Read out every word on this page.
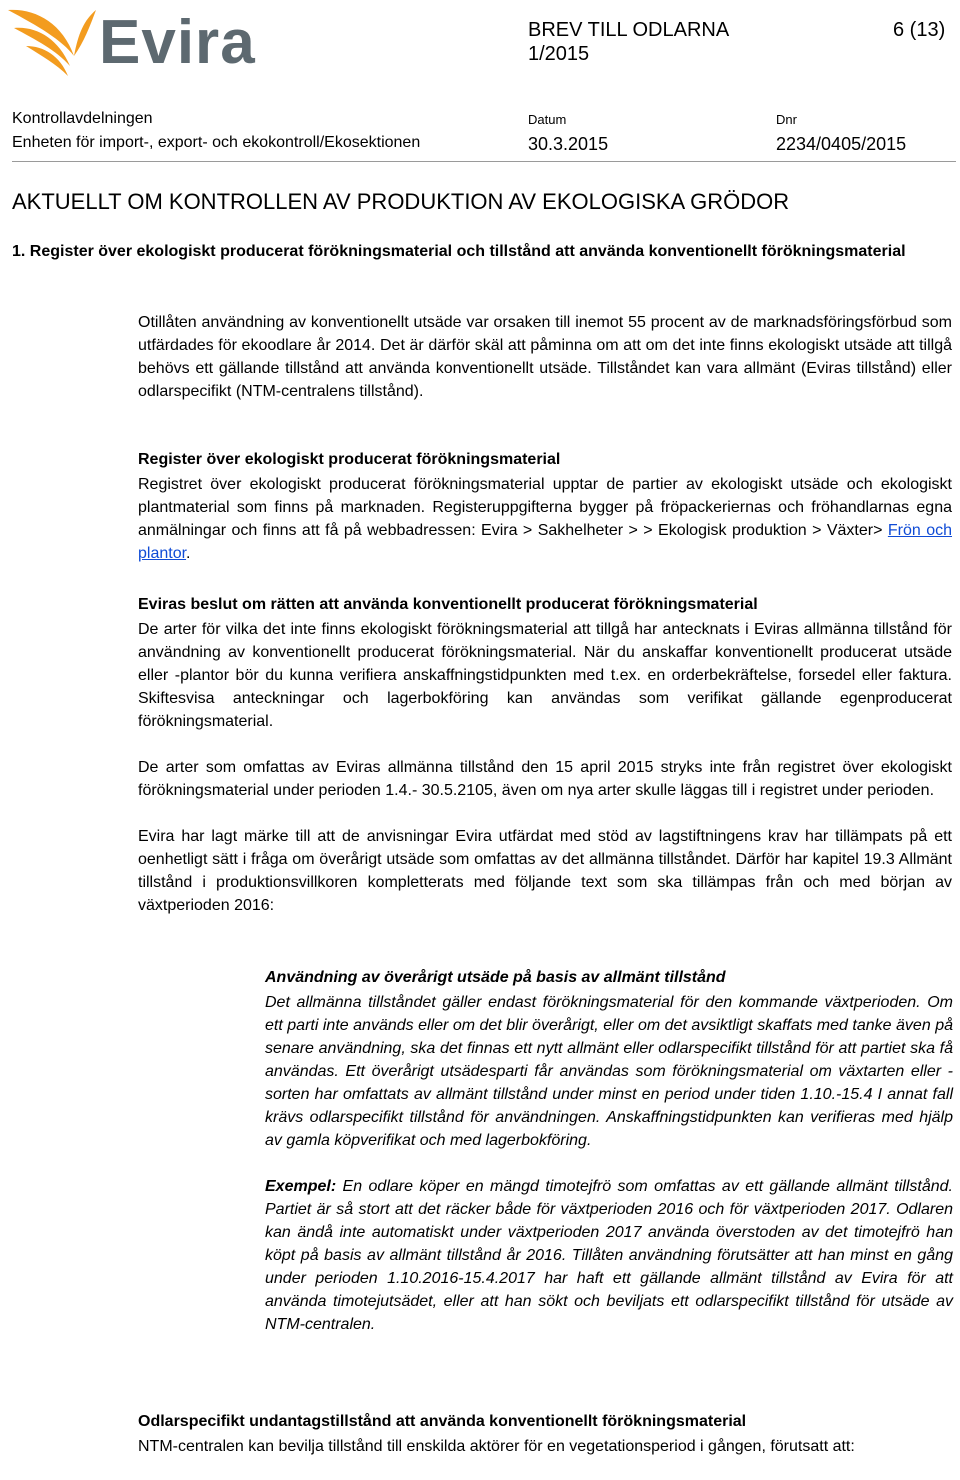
Evira	BREV TILL ODLARNA
1/2015
6 (13)
Kontrollavdelningen
Enheten för import-, export- och ekokontroll/Ekosektionen
Datum
30.3.2015
Dnr
2234/0405/2015
AKTUELLT OM KONTROLLEN AV PRODUKTION AV EKOLOGISKA GRÖDOR
1. Register över ekologiskt producerat förökningsmaterial och tillstånd att använda konventionellt förökningsmaterial

Otillåten användning av konventionellt utsäde var orsaken till inemot 55 procent av de marknadsföringsförbud som utfärdades för ekoodlare år 2014. Det är därför skäl att påminna om att om det inte finns ekologiskt utsäde att tillgå behövs ett gällande tillstånd att använda konventionellt utsäde. Tillståndet kan vara allmänt (Eviras tillstånd) eller odlarspecifikt (NTM-centralens tillstånd).

Register över ekologiskt producerat förökningsmaterial

Registret över ekologiskt producerat förökningsmaterial upptar de partier av ekologiskt utsäde och ekologiskt plantmaterial som finns på marknaden. Registeruppgifterna bygger på fröpackeriernas och fröhandlarnas egna anmälningar och finns att få på webbadressen: Evira > Sakhelheter > > Ekologisk produktion > Växter> Frön och plantor.

Eviras beslut om rätten att använda konventionellt producerat förökningsmaterial

De arter för vilka det inte finns ekologiskt förökningsmaterial att tillgå har antecknats i Eviras allmänna tillstånd för användning av konventionellt producerat förökningsmaterial. När du anskaffar konventionellt producerat utsäde eller -plantor bör du kunna verifiera anskaffningstidpunkten med t.ex. en orderbekräftelse, forsedel eller faktura. Skiftesvisa anteckningar och lagerbokföring kan användas som verifikat gällande egenproducerat förökningsmaterial.

De arter som omfattas av Eviras allmänna tillstånd den 15 april 2015 stryks inte från registret över ekologiskt förökningsmaterial under perioden 1.4.- 30.5.2105, även om nya arter skulle läggas till i registret under perioden.

Evira har lagt märke till att de anvisningar Evira utfärdat med stöd av lagstiftningens krav har tillämpats på ett oenhetligt sätt i fråga om överårigt utsäde som omfattas av det allmänna tillståndet. Därför har kapitel 19.3 Allmänt tillstånd i produktionsvillkoren kompletterats med följande text som ska tillämpas från och med början av växtperioden 2016:

Användning av överårigt utsäde på basis av allmänt tillstånd

Det allmänna tillståndet gäller endast förökningsmaterial för den kommande växtperioden. Om ett parti inte används eller om det blir överårigt, eller om det avsiktligt skaffats med tanke även på senare användning, ska det finnas ett nytt allmänt eller odlarspecifikt tillstånd för att partiet ska få användas. Ett överårigt utsädesparti får användas som förökningsmaterial om växtarten eller -sorten har omfattats av allmänt tillstånd under minst en period under tiden 1.10.-15.4 I annat fall krävs odlarspecifikt tillstånd för användningen. Anskaffningstidpunkten kan verifieras med hjälp av gamla köpverifikat och med lagerbokföring.

Exempel: En odlare köper en mängd timotejfrö som omfattas av ett gällande allmänt tillstånd. Partiet är så stort att det räcker både för växtperioden 2016 och för växtperioden 2017. Odlaren kan ändå inte automatiskt under växtperioden 2017 använda överstoden av det timotejfrö han köpt på basis av allmänt tillstånd år 2016. Tillåten användning förutsätter att han minst en gång under perioden 1.10.2016-15.4.2017 har haft ett gällande allmänt tillstånd av Evira för att använda timotejutsädet, eller att han sökt och beviljats ett odlarspecifikt tillstånd för utsäde av NTM-centralen.

Odlarspecifikt undantagstillstånd att använda konventionellt förökningsmaterial

NTM-centralen kan bevilja tillstånd till enskilda aktörer för en vegetationsperiod i gången, förutsatt att:
